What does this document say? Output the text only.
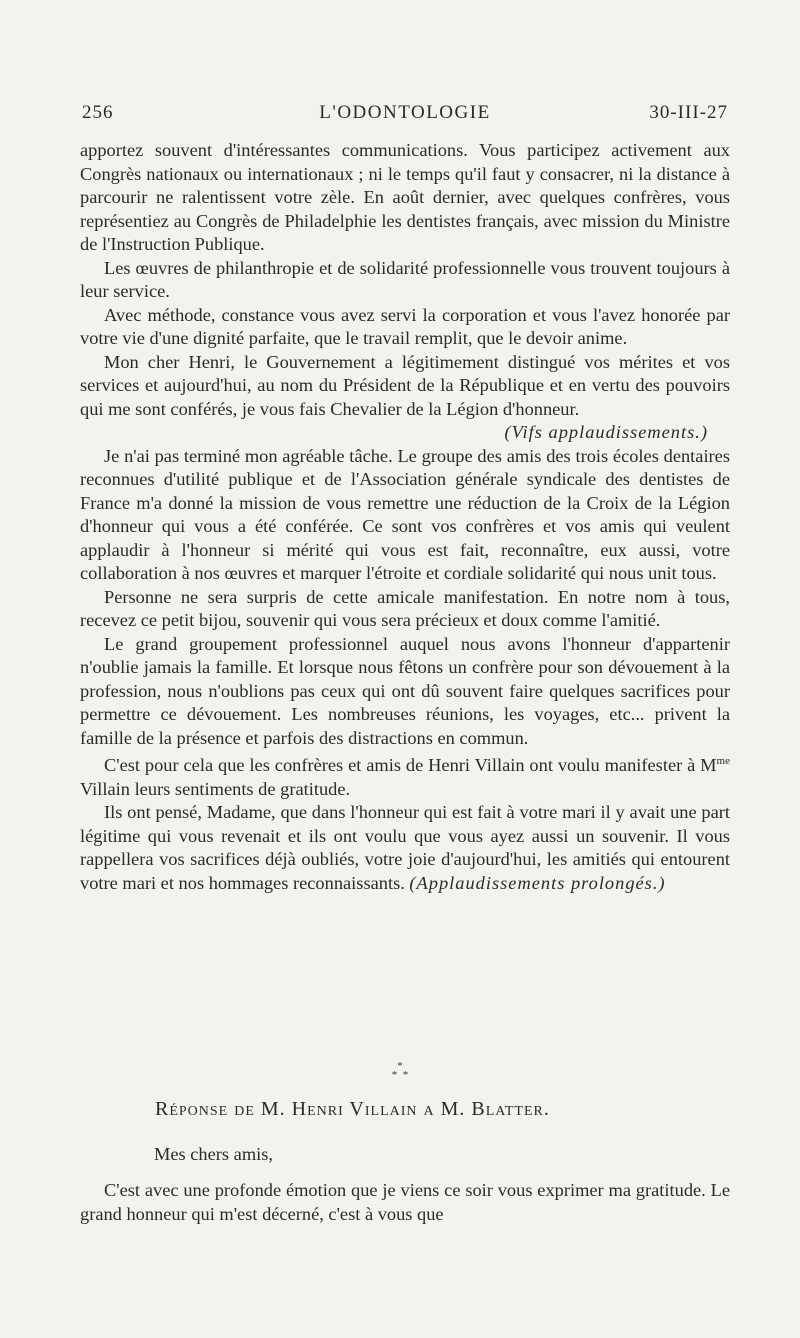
256	L'ODONTOLOGIE	30-III-27

apportez souvent d'intéressantes communications. Vous participez activement aux Congrès nationaux ou internationaux ; ni le temps qu'il faut y consacrer, ni la distance à parcourir ne ralentissent votre zèle. En août dernier, avec quelques confrères, vous représentiez au Congrès de Philadelphie les dentistes français, avec mission du Ministre de l'Instruction Publique.

Les œuvres de philanthropie et de solidarité professionnelle vous trouvent toujours à leur service.

Avec méthode, constance vous avez servi la corporation et vous l'avez honorée par votre vie d'une dignité parfaite, que le travail remplit, que le devoir anime.

Mon cher Henri, le Gouvernement a légitimement distingué vos mérites et vos services et aujourd'hui, au nom du Président de la République et en vertu des pouvoirs qui me sont conférés, je vous fais Chevalier de la Légion d'honneur.

(Vifs applaudissements.)

Je n'ai pas terminé mon agréable tâche. Le groupe des amis des trois écoles dentaires reconnues d'utilité publique et de l'Association générale syndicale des dentistes de France m'a donné la mission de vous remettre une réduction de la Croix de la Légion d'honneur qui vous a été conférée. Ce sont vos confrères et vos amis qui veulent applaudir à l'honneur si mérité qui vous est fait, reconnaître, eux aussi, votre collaboration à nos œuvres et marquer l'étroite et cordiale solidarité qui nous unit tous.

Personne ne sera surpris de cette amicale manifestation. En notre nom à tous, recevez ce petit bijou, souvenir qui vous sera précieux et doux comme l'amitié.

Le grand groupement professionnel auquel nous avons l'honneur d'appartenir n'oublie jamais la famille. Et lorsque nous fêtons un confrère pour son dévouement à la profession, nous n'oublions pas ceux qui ont dû souvent faire quelques sacrifices pour permettre ce dévouement. Les nombreuses réunions, les voyages, etc... privent la famille de la présence et parfois des distractions en commun.

C'est pour cela que les confrères et amis de Henri Villain ont voulu manifester à $M^{me}$ Villain leurs sentiments de gratitude.

Ils ont pensé, Madame, que dans l'honneur qui est fait à votre mari il y avait une part légitime qui vous revenait et ils ont voulu que vous ayez aussi un souvenir. Il vous rappellera vos sacrifices déjà oubliés, votre joie d'aujourd'hui, les amitiés qui entourent votre mari et nos hommages reconnaissants. (Applaudissements prolongés.)

*
*  *
Réponse de M. Henri Villain a M. Blatter.
Mes chers amis,

C'est avec une profonde émotion que je viens ce soir vous exprimer ma gratitude. Le grand honneur qui m'est décerné, c'est à vous que
